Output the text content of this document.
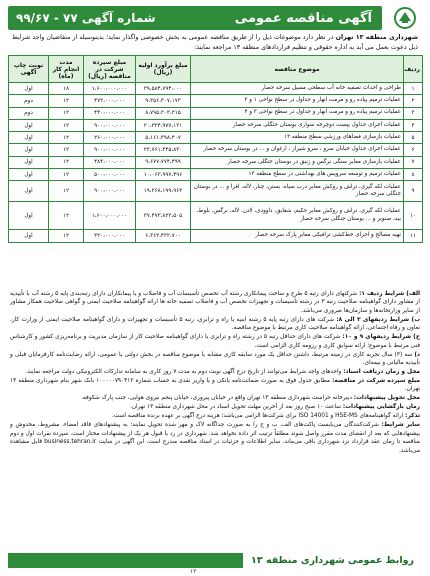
آگهی مناقصه عمومی
شماره آگهی ۷۷ - ۹۹/۶۷
شهرداری منطقه ۱۳ تهران در نظر دارد موضوعات ذیل را از طریق مناقصه عمومی به بخش خصوصی واگذار نماید؛ بدینوسیله از متقاضیان واجد شرایط ذیل دعوت بعمل می آید به اداره حقوقی و تنظیم قراردادهای منطقه ۱۳ مراجعه نمایند:
ردیف	موضوع مناقصه	مبلغ برآورد اولیه (ریال)	مبلغ سپرده شرکت در مناقصه (ریال)	مدت انجام کار (ماه)	نوبت چاپ آگهی
۱	طراحی و احداث تصفیه خانه آب سطحی مسیل سرخه حصار	۳۹،۵۸۴،۷۹۴،۰۰۰	۱،۶۰۰،۰۰۰،۰۰۰	۱۸	اول
۲	عملیات ترمیم پیاده رو و مرمت انهار و جداول در سطح نواحی ۱ و ۲	۹،۳۵۶،۳۰۷،۱۷۳	۴۷۲،۰۰۰،۰۰۰	۱۲	دوم
۳	عملیات ترمیم پیاده رو و مرمت انهار و جداول در سطح نواحی ۳ و ۴	۸،۷۹۵،۳۰۳،۲۱۵	۴۴۰،۰۰۰،۰۰۰	۱۲	دوم
۴	عملیات اجرای جداول پیست دوچرخه سواری بوستان جنگلی سرخه حصار	۲۰،۳۲۴،۹۷۷،۱۲۱	۹۰۰،۰۰۰،۰۰۰	۱۲	اول
۵	عملیات بازسازی فضاهای ورزشی سطح منطقه ۱۳	۵،۱۶۱،۳۹۸،۴۰۷	۲۶۰،۰۰۰،۰۰۰	۱۲	اول
۶	عملیات اجرای جداول خیابان سرو ، سرو شیراز ، ارغوان و ... در بوستان سرخه حصار	۲۳،۷۶۱،۴۴۵،۸۳۰	۹۰۰،۰۰۰،۰۰۰	۱۲	اول
۷	عملیات بازسازی معابر سنگی نرگس و زنبق در بوستان جنگلی سرخه حصار	۹،۶۷۷،۷۷۴،۴۹۹	۴۸۴،۰۰۰،۰۰۰	۱۲	اول
۸	عملیات ترمیم و توسعه سرویس های بهداشتی در سطح منطقه ۱۳	۱۰،۰۶۳،۹۹۷،۴۹۶	۵۰۰،۰۰۰،۰۰۰	۱۲	اول
۹	عملیات لکه گیری، تراش و روکش معابر درب سیاه، بستن، چنار، لاله، افرا و ... در بوستان جنگلی سرخه حصار	۱۹،۲۶۸،۱۹۹،۹۶۲	۹۰۰،۰۰۰،۰۰۰	۱۲	اول
۱۰	عملیات لکه گیری، تراش و روکش معابر حکیم، شقایق، داوودی، لادن، لاله، نرگس، بلوط، بید، صنوبر و ... بوستان جنگلی سرخه حصار	۳۷،۴۷۳،۸۲۳،۵۰۵	۱،۶۰۰،۰۰۰،۰۰۰	۱۲	اول
۱۱	تهیه مصالح و اجرای خط‌کشی ترافیکی معابر پارک سرخه حصار	۶،۳۶۲،۴۳۲،۷۰۰	۳۲۰،۰۰۰،۰۰۰	۱۲	اول

الف) شرایط ردیف ۱: شرکتهای دارای رتبه ۵ طرح و ساخت پیمانکاری رشته آب تخصص تأسیسات آب و فاضلاب و یا پیمانکاران دارای رتبه‌بندی پایه ۵ رشته آب با تأییدیه از مشاور دارای گواهینامه صلاحیت رتبه ۳ در رشته تأسیسات و تجهیزات تخصص آب و فاضلاب تصفیه خانه ها ارائه گواهینامه صلاحیت ایمنی و گواهی صلاحیت همکار مشاور از سایر وزارتخانه‌ها و سازمان‌ها ضروری می‌باشد.

ب) شرایط ردیفهای ۳ الی ۸: شرکت های دارای رتبه پایه ۵ رشته ابنیه یا راه و ترابری، رتبه ۵ تأسیسات و تجهیزات و دارای گواهینامه صلاحیت ایمنی از وزارت کار، تعاون و رفاه اجتماعی، ارائه گواهینامه صلاحیت کاری مرتبط با موضوع مناقصه.

ج) شرایط ردیفهای ۹ و ۱۰: شرکت های دارای حداقل رتبه ۵ در رشته راه و ترابری یا دارای گواهینامه صلاحیت کار از سازمان مدیریت و برنامه‌ریزی کشور و کارشناس فنی مرتبط با موضوع؛ ارائه سوابق کاری و رزومه کاری الزامی است.

د) سه (۳) سال تجربه کاری در زمینه مرتبط، داشتن حداقل یک مورد سابقه کاری مشابه با موضوع مناقصه در بخش دولتی یا عمومی، ارائه رضایت‌نامه کارفرمایان قبلی و تأییدیه مالیاتی و بیمه‌ای.

محل و زمان دریافت اسناد: واحدهای واجد شرایط می‌توانند از تاریخ درج آگهی نوبت دوم به مدت ۷ روز کاری به سامانه تدارکات الکترونیکی دولت مراجعه نمایند.

مبلغ سپرده شرکت در مناقصه: مطابق جدول فوق به صورت ضمانت‌نامه بانکی و یا واریز نقدی به حساب شماره ۱۰۰۰۰۰۷۹۰۴۱۲ بانک شهر بنام شهرداری منطقه ۱۳ تهران.

محل تحویل پیشنهادات: دبیرخانه حراست شهرداری منطقه ۱۳ تهران واقع در خیابان پیروزی، خیابان پنجم نیروی هوایی، جنب پارک شکوفه.

زمان بازگشایی پیشنهادات: ساعت ۱۰ صبح روز بعد از آخرین مهلت تحویل اسناد در محل شهرداری منطقه ۱۳ تهران.

تذکر: ارائه گواهینامه‌های HSE-MS و ISO 14001 برای شرکت‌ها الزامی می‌باشد؛ هزینه درج آگهی بر عهده برنده مناقصه است.

سایر شرایط: شرکت‌کنندگان می‌بایست پاکت‌های الف، ب و ج را به صورت جداگانه لاک و مهر شده تحویل نمایند؛ به پیشنهادهای فاقد امضاء، مشروط، مخدوش و پیشنهادهایی که بعد از انقضای مدت مقرر واصل شوند مطلقاً ترتیب اثر داده نخواهد شد. شهرداری در رد یا قبول هر یک از پیشنهادات مختار است. سپرده نفرات اول و دوم مناقصه تا زمان عقد قرارداد نزد شهرداری باقی می‌ماند. سایر اطلاعات و جزئیات در اسناد مناقصه مندرج است. این آگهی در سایت business.tehran.ir قابل مشاهده می‌باشد.

روابط عمومی شهرداری منطقه ۱۳
۱۲
